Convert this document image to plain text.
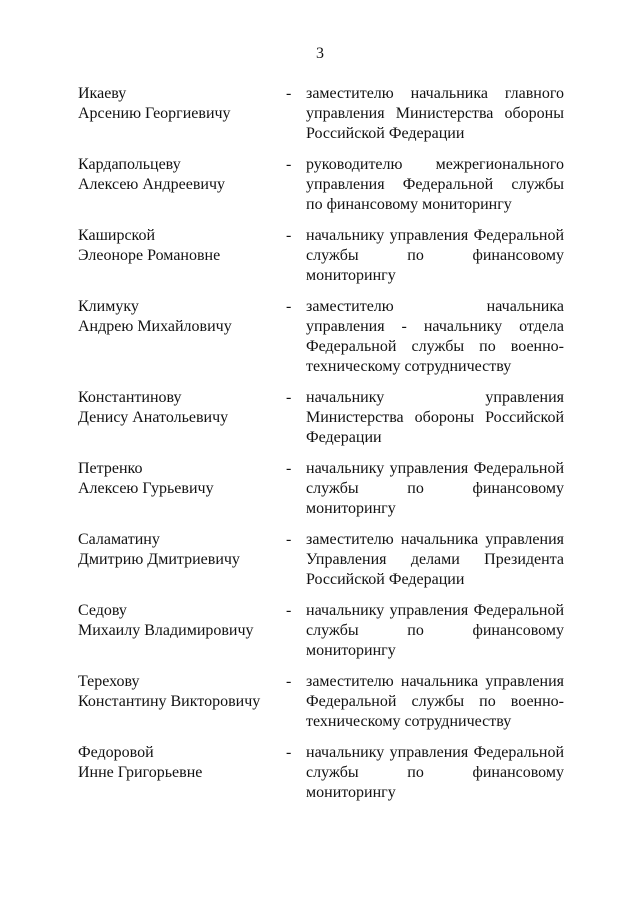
3
Икаеву
Арсению Георгиевичу
- заместителю начальника главного
управления Министерства обороны
Российской Федерации
Кардапольцеву
Алексею Андреевичу
- руководителю межрегионального
управления Федеральной службы
по финансовому мониторингу
Каширской
Элеоноре Романовне
- начальнику управления Федеральной
службы по финансовому
мониторингу
Климуку
Андрею Михайловичу
- заместителю начальника
управления - начальнику отдела
Федеральной службы по военно-
техническому сотрудничеству
Константинову
Денису Анатольевичу
- начальнику управления
Министерства обороны Российской
Федерации
Петренко
Алексею Гурьевичу
- начальнику управления Федеральной
службы по финансовому
мониторингу
Саламатину
Дмитрию Дмитриевичу
- заместителю начальника управления
Управления делами Президента
Российской Федерации
Седову
Михаилу Владимировичу
- начальнику управления Федеральной
службы по финансовому
мониторингу
Терехову
Константину Викторовичу
- заместителю начальника управления
Федеральной службы по военно-
техническому сотрудничеству
Федоровой
Инне Григорьевне
- начальнику управления Федеральной
службы по финансовому
мониторингу
